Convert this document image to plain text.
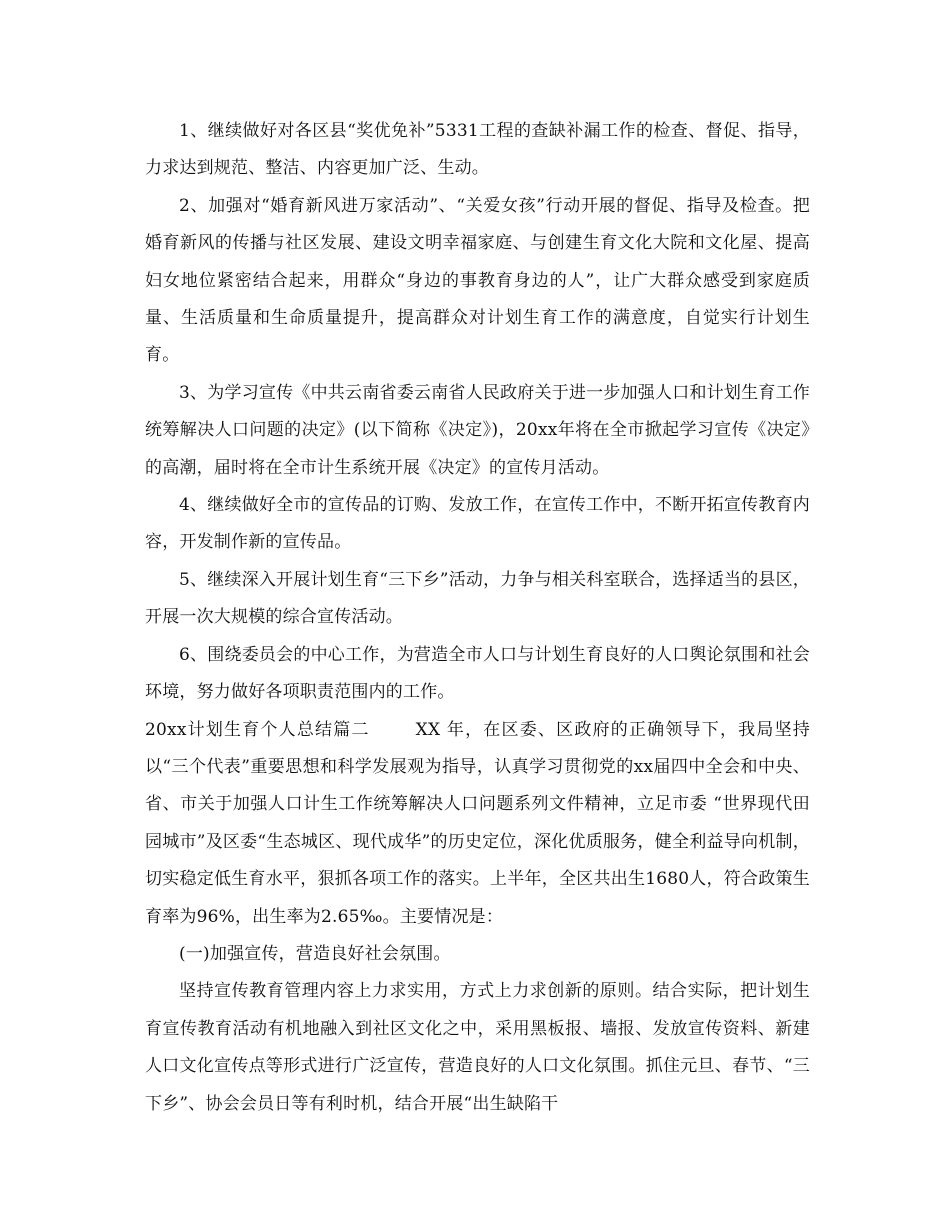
1、继续做好对各区县“奖优免补”5331工程的查缺补漏工作的检查、督促、指导，力求达到规范、整洁、内容更加广泛、生动。

2、加强对“婚育新风进万家活动”、“关爱女孩”行动开展的督促、指导及检查。把婚育新风的传播与社区发展、建设文明幸福家庭、与创建生育文化大院和文化屋、提高妇女地位紧密结合起来，用群众“身边的事教育身边的人”，让广大群众感受到家庭质量、生活质量和生命质量提升，提高群众对计划生育工作的满意度，自觉实行计划生育。

3、为学习宣传《中共云南省委云南省人民政府关于进一步加强人口和计划生育工作统筹解决人口问题的决定》(以下简称《决定》)，20xx年将在全市掀起学习宣传《决定》的高潮，届时将在全市计生系统开展《决定》的宣传月活动。

4、继续做好全市的宣传品的订购、发放工作，在宣传工作中，不断开拓宣传教育内容，开发制作新的宣传品。

5、继续深入开展计划生育“三下乡”活动，力争与相关科室联合，选择适当的县区，开展一次大规模的综合宣传活动。

6、围绕委员会的中心工作，为营造全市人口与计划生育良好的人口舆论氛围和社会环境，努力做好各项职责范围内的工作。

20xx计划生育个人总结篇二	XX 年，在区委、区政府的正确领导下，我局坚持以“三个代表”重要思想和科学发展观为指导，认真学习贯彻党的xx届四中全会和中央、省、市关于加强人口计生工作统筹解决人口问题系列文件精神，立足市委 “世界现代田园城市”及区委“生态城区、现代成华”的历史定位，深化优质服务，健全利益导向机制，切实稳定低生育水平，狠抓各项工作的落实。上半年，全区共出生1680人，符合政策生育率为96%，出生率为2.65‰。主要情况是：

(一)加强宣传，营造良好社会氛围。

坚持宣传教育管理内容上力求实用，方式上力求创新的原则。结合实际，把计划生育宣传教育活动有机地融入到社区文化之中，采用黑板报、墙报、发放宣传资料、新建人口文化宣传点等形式进行广泛宣传，营造良好的人口文化氛围。抓住元旦、春节、“三下乡”、协会会员日等有利时机，结合开展“出生缺陷干
